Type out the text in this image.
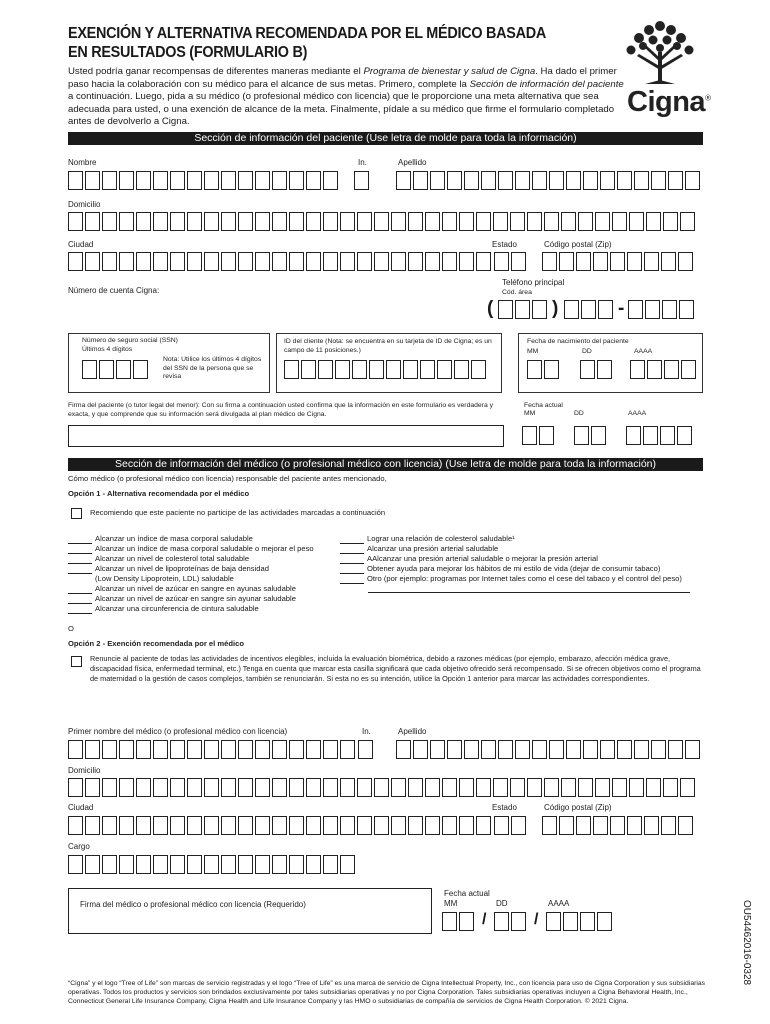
EXENCIÓN Y ALTERNATIVA RECOMENDADA POR EL MÉDICO BASADA
EN RESULTADOS (FORMULARIO B)
Usted podría ganar recompensas de diferentes maneras mediante el Programa de bienestar y salud de Cigna. Ha dado el primer paso hacia la colaboración con su médico para el alcance de sus metas. Primero, complete la Sección de información del paciente a continuación. Luego, pida a su médico (o profesional médico con licencia) que le proporcione una meta alternativa que sea adecuada para usted, o una exención de alcance de la meta. Finalmente, pídale a su médico que firme el formulario completado antes de devolverlo a Cigna.
Cigna®
Sección de información del paciente (Use letra de molde para toda la información)
Nombre	In.	Apellido
Domicilio
Ciudad	Estado	Código postal (Zip)
Teléfono principal
Cód. área
Número de cuenta Cigna:
(	)	-
Número de seguro social (SSN)
Últimos 4 dígitos
Nota: Utilice los últimos 4 dígitos del SSN de la persona que se revisa
ID del cliente (Nota: se encuentra en su tarjeta de ID de Cigna; es un campo de 11 posiciones.)
Fecha de nacimiento del paciente
MM	DD	AAAA
Firma del paciente (o tutor legal del menor): Con su firma a continuación usted confirma que la información en este formulario es verdadera y exacta, y que comprende que su información será divulgada al plan médico de Cigna.
Fecha actual
MM	DD	AAAA
Sección de información del médico (o profesional médico con licencia) (Use letra de molde para toda la información)
Cómo médico (o profesional médico con licencia) responsable del paciente antes mencionado,
Opción 1 - Alternativa recomendada por el médico
Recomiendo que este paciente no participe de las actividades marcadas a continuación
Alcanzar un índice de masa corporal saludable
Alcanzar un índice de masa corporal saludable o mejorar el peso
Alcanzar un nivel de colesterol total saludable
Alcanzar un nivel de lipoproteínas de baja densidad
(Low Density Lipoprotein, LDL) saludable
Alcanzar un nivel de azúcar en sangre en ayunas saludable
Alcanzar un nivel de azúcar en sangre sin ayunar saludable
Alcanzar una circunferencia de cintura saludable
Lograr una relación de colesterol saludable¹
Alcanzar una presión arterial saludable
AAlcanzar una presión arterial saludable o mejorar la presión arterial
Obtener ayuda para mejorar los hábitos de mi estilo de vida (dejar de consumir tabaco)
Otro (por ejemplo: programas por Internet tales como el cese del tabaco y el control del peso)
O
Opción 2 - Exención recomendada por el médico
Renuncie al paciente de todas las actividades de incentivos elegibles, incluida la evaluación biométrica, debido a razones médicas (por ejemplo, embarazo, afección médica grave, discapacidad física, enfermedad terminal, etc.) Tenga en cuenta que marcar esta casilla significará que cada objetivo ofrecido será recompensado. Si se ofrecen objetivos como el programa de maternidad o la gestión de casos complejos, también se renunciarán. Si esta no es su intención, utilice la Opción 1 anterior para marcar las actividades correspondientes.
Primer nombre del médico (o profesional médico con licencia)	In.	Apellido
Domicilio
Ciudad	Estado	Código postal (Zip)
Cargo
Firma del médico o profesional médico con licencia (Requerido)
Fecha actual
MM	DD	AAAA
/	/	OU54462016-0328
“Cigna” y el logo “Tree of Life” son marcas de servicio registradas y el logo “Tree of Life” es una marca de servicio de Cigna Intellectual Property, Inc., con licencia para uso de Cigna Corporation y sus subsidiarias operativas. Todos los productos y servicios son brindados exclusivamente por tales subsidiarias operativas y no por Cigna Corporation. Tales subsidiarias operativas incluyen a Cigna Behavioral Health, Inc., Connecticut General Life Insurance Company, Cigna Health and Life Insurance Company y las HMO o subsidiarias de compañía de servicios de Cigna Health Corporation. © 2021 Cigna.
